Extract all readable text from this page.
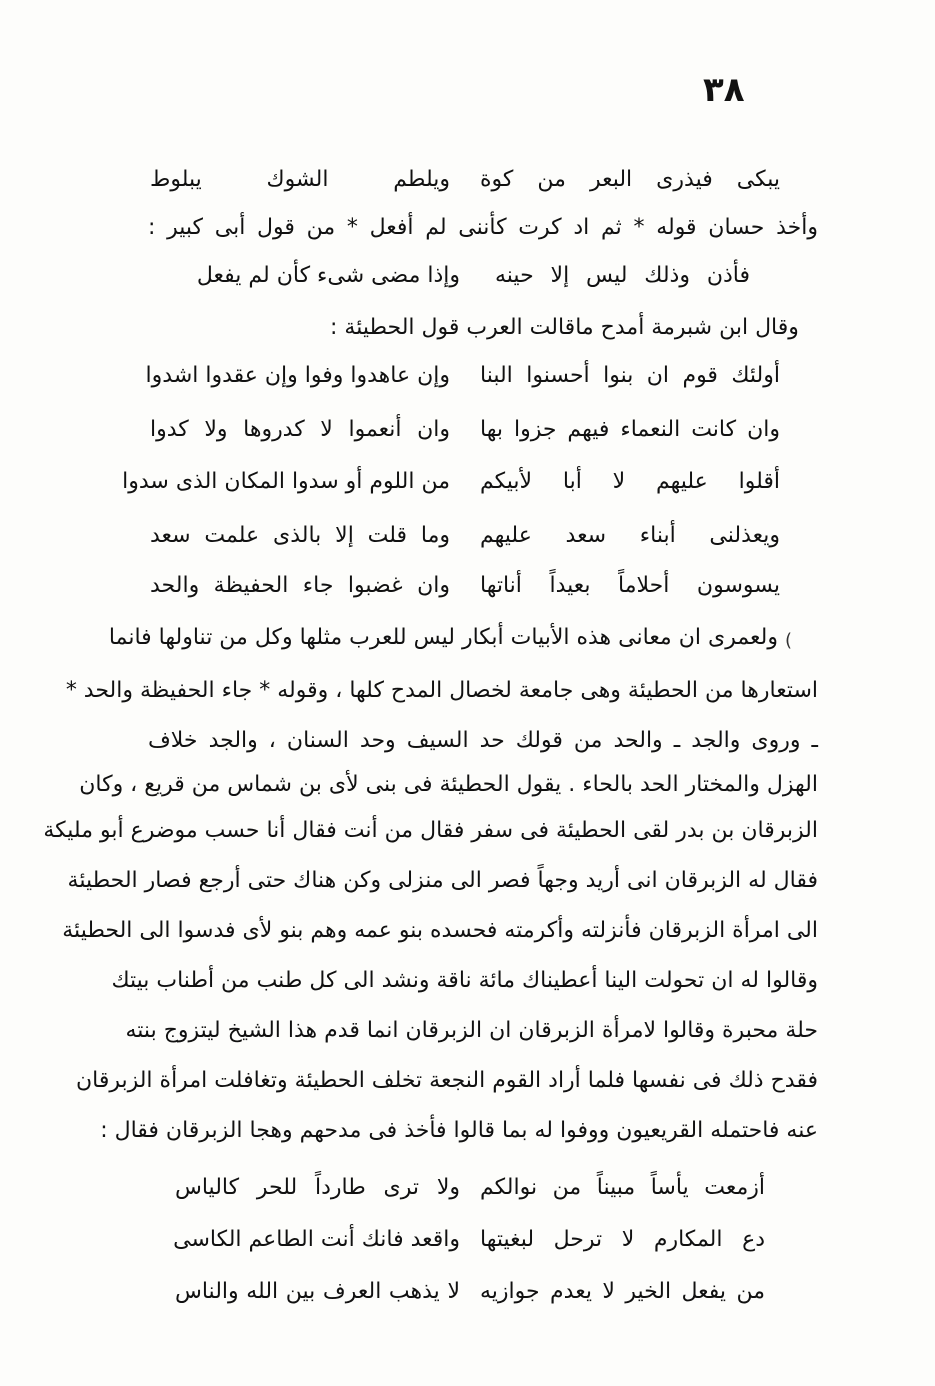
٣٨
يبكى فيذرى البعر من كوة
ويلطم الشوك يبلوط
وأخذ حسان قوله * ثم اد كرت كأننى لم أفعل * من قول أبى كبير :
فأذن وذلك ليس إلا حينه
وإذا مضى شىء كأن لم يفعل
وقال ابن شبرمة أمدح ماقالت العرب قول الحطيئة :
أولئك قوم ان بنوا أحسنوا البنا
وإن عاهدوا وفوا وإن عقدوا اشدوا
وان كانت النعماء فيهم جزوا بها
وان أنعموا لا كدروها ولا كدوا
أقلوا عليهم لا أبا لأبيكم
من اللوم أو سدوا المكان الذى سدوا
ويعذلنى أبناء سعد عليهم
وما قلت إلا بالذى علمت سعد
يسوسون أحلاماً بعيداً أناتها
وان غضبوا جاء الحفيظة والحد
)
ولعمرى ان معانى هذه الأبيات أبكار ليس للعرب مثلها وكل من تناولها فانما
استعارها من الحطيئة وهى جامعة لخصال المدح كلها ، وقوله * جاء الحفيظة والحد *
ـ وروى والجد ـ والحد من قولك حد السيف وحد السنان ، والجد خلاف
الهزل والمختار الحد بالحاء . يقول الحطيئة فى بنى لأى بن شماس من قريع ، وكان
الزبرقان بن بدر لقى الحطيئة فى سفر فقال من أنت فقال أنا حسب موضرع أبو مليكة
فقال له الزبرقان انى أريد وجهاً فصر الى منزلى وكن هناك حتى أرجع فصار الحطيئة
الى امرأة الزبرقان فأنزلته وأكرمته فحسده بنو عمه وهم بنو لأى فدسوا الى الحطيئة
وقالوا له ان تحولت الينا أعطيناك مائة ناقة ونشد الى كل طنب من أطناب بيتك
حلة محبرة وقالوا لامرأة الزبرقان ان الزبرقان انما قدم هذا الشيخ ليتزوج بنته
فقدح ذلك فى نفسها فلما أراد القوم النجعة تخلف الحطيئة وتغافلت امرأة الزبرقان
عنه فاحتمله القريعيون ووفوا له بما قالوا فأخذ فى مدحهم وهجا الزبرقان فقال :
أزمعت يأساً مبيناً من نوالكم
ولا ترى طارداً للحر كالياس
دع المكارم لا ترحل لبغيتها
واقعد فانك أنت الطاعم الكاسى
من يفعل الخير لا يعدم جوازيه
لا يذهب العرف بين الله والناس
